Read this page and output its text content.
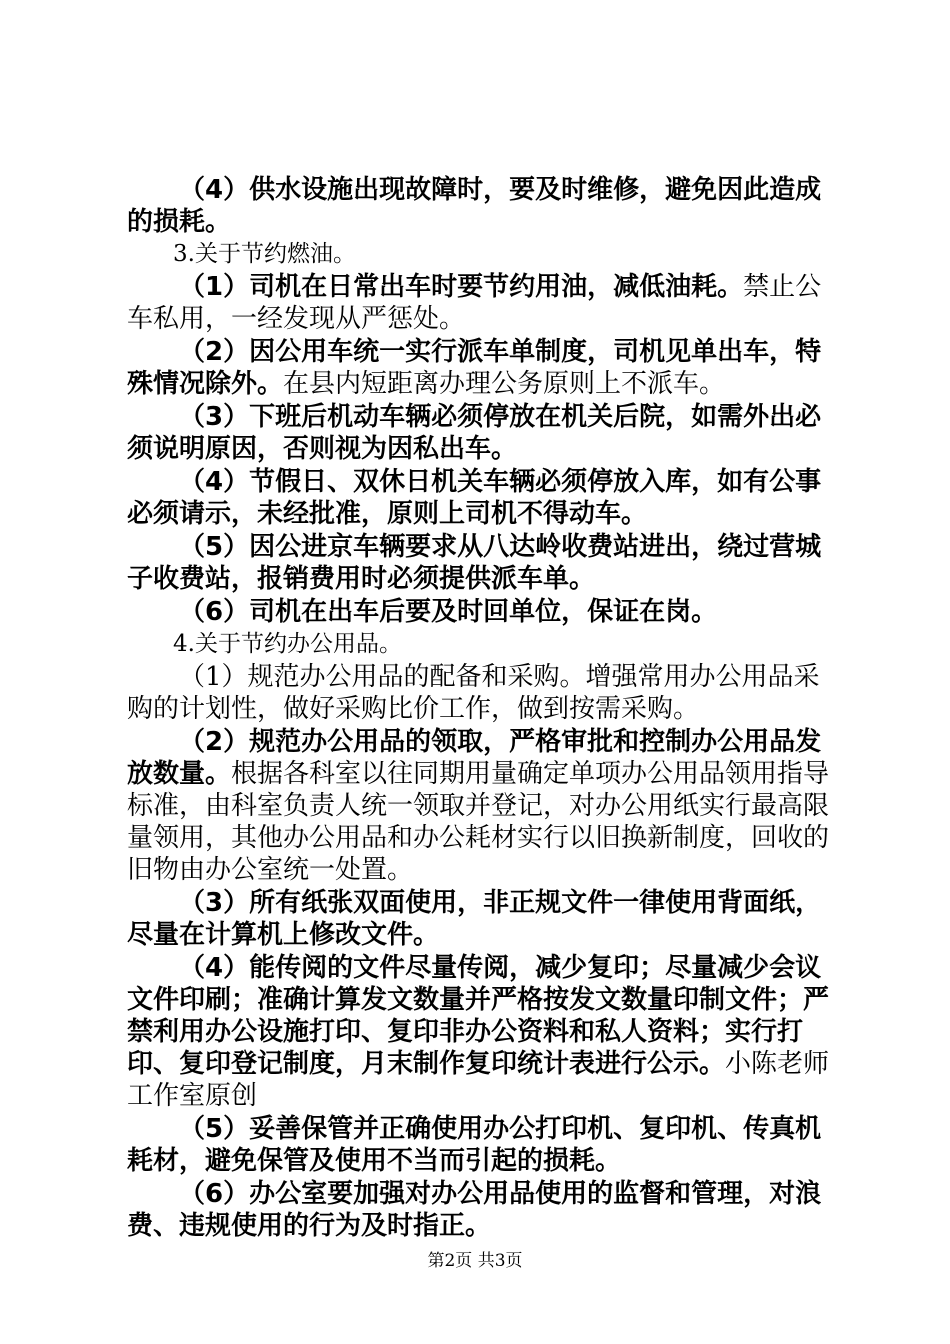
（4）供水设施出现故障时，要及时维修，避免因此造成的损耗。

3.关于节约燃油。

（1）司机在日常出车时要节约用油，减低油耗。禁止公车私用，一经发现从严惩处。

（2）因公用车统一实行派车单制度，司机见单出车，特殊情况除外。在县内短距离办理公务原则上不派车。

（3）下班后机动车辆必须停放在机关后院，如需外出必须说明原因，否则视为因私出车。

（4）节假日、双休日机关车辆必须停放入库，如有公事必须请示，未经批准，原则上司机不得动车。

（5）因公进京车辆要求从八达岭收费站进出，绕过营城子收费站，报销费用时必须提供派车单。

（6）司机在出车后要及时回单位，保证在岗。

4.关于节约办公用品。

（1）规范办公用品的配备和采购。增强常用办公用品采购的计划性，做好采购比价工作，做到按需采购。

（2）规范办公用品的领取，严格审批和控制办公用品发放数量。根据各科室以往同期用量确定单项办公用品领用指导标准，由科室负责人统一领取并登记，对办公用纸实行最高限量领用，其他办公用品和办公耗材实行以旧换新制度，回收的旧物由办公室统一处置。

（3）所有纸张双面使用，非正规文件一律使用背面纸，尽量在计算机上修改文件。

（4）能传阅的文件尽量传阅，减少复印；尽量减少会议文件印刷；准确计算发文数量并严格按发文数量印制文件；严禁利用办公设施打印、复印非办公资料和私人资料；实行打印、复印登记制度，月末制作复印统计表进行公示。小陈老师工作室原创

（5）妥善保管并正确使用办公打印机、复印机、传真机耗材，避免保管及使用不当而引起的损耗。

（6）办公室要加强对办公用品使用的监督和管理，对浪费、违规使用的行为及时指正。

第2页 共3页
